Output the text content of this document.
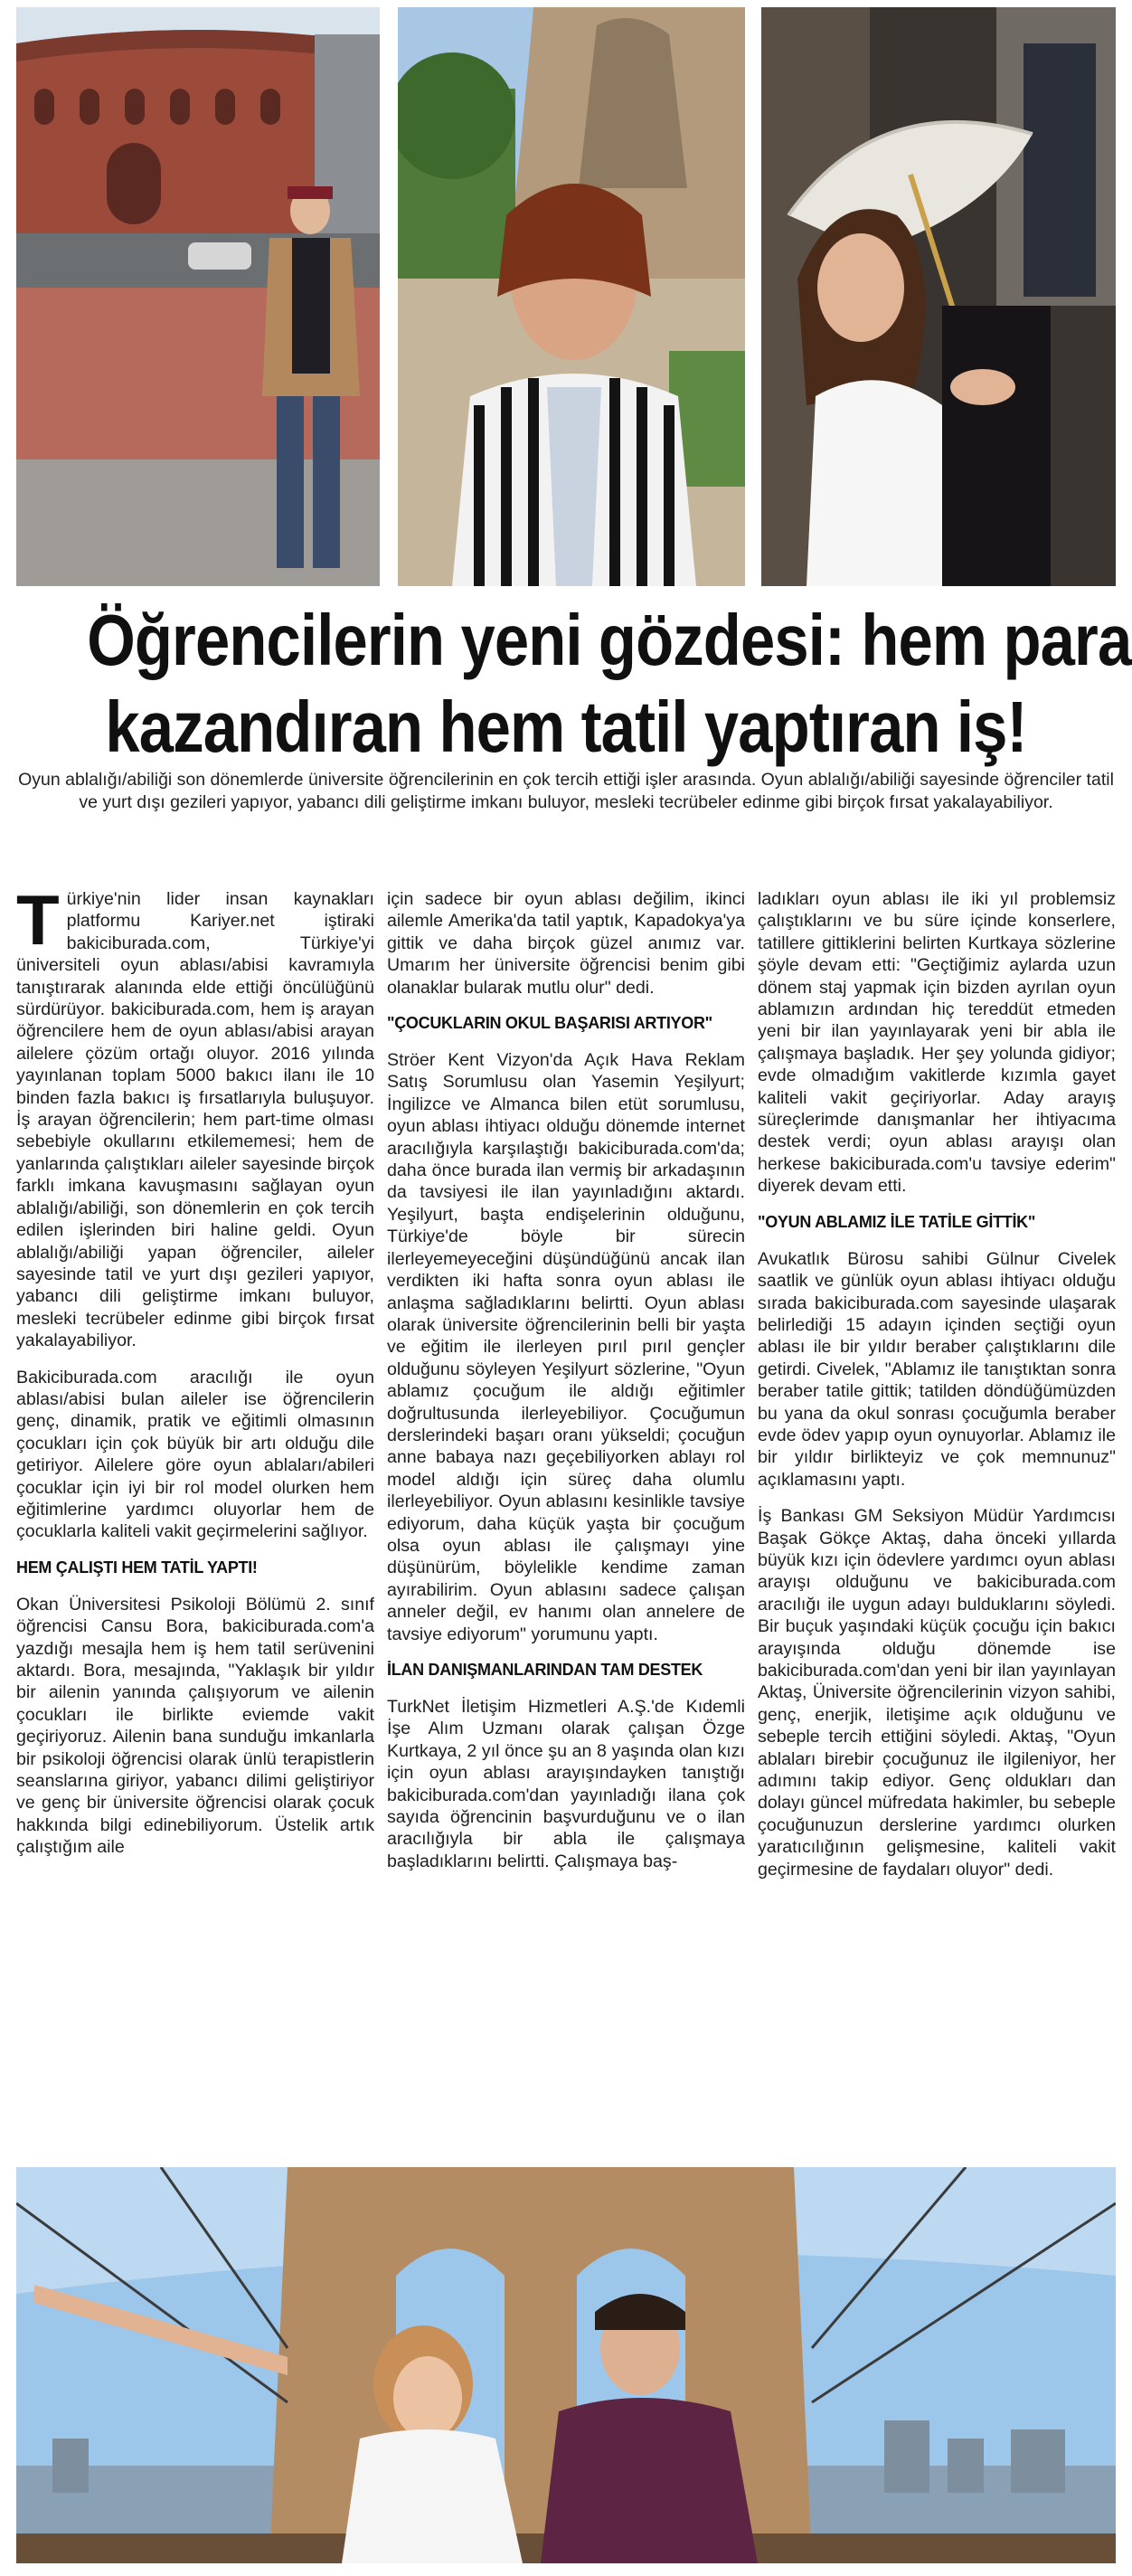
Öğrencilerin yeni gözdesi: hem para
kazandıran hem tatil yaptıran iş!
Oyun ablalığı/abiliği son dönemlerde üniversite öğrencilerinin en çok tercih ettiği işler arasında. Oyun ablalığı/abiliği sayesinde öğrenciler tatil ve yurt dışı gezileri yapıyor, yabancı dili geliştirme imkanı buluyor, mesleki tecrübeler edinme gibi birçok fırsat yakalayabiliyor.

Türkiye'nin lider insan kaynakları platformu Kariyer.net iştiraki bakiciburada.com, Türkiye'yi üniversiteli oyun ablası/abisi kavramıyla tanıştırarak alanında elde ettiği öncülüğünü sürdürüyor. bakiciburada.com, hem iş arayan öğrencilere hem de oyun ablası/abisi arayan ailelere çözüm ortağı oluyor. 2016 yılında yayınlanan toplam 5000 bakıcı ilanı ile 10 binden fazla bakıcı iş fırsatlarıyla buluşuyor. İş arayan öğrencilerin; hem part-time olması sebebiyle okullarını etkilememesi; hem de yanlarında çalıştıkları aileler sayesinde birçok farklı imkana kavuşmasını sağlayan oyun ablalığı/abiliği, son dönemlerin en çok tercih edilen işlerinden biri haline geldi. Oyun ablalığı/abiliği yapan öğrenciler, aileler sayesinde tatil ve yurt dışı gezileri yapıyor, yabancı dili geliştirme imkanı buluyor, mesleki tecrübeler edinme gibi birçok fırsat yakalayabiliyor.

Bakiciburada.com aracılığı ile oyun ablası/abisi bulan aileler ise öğrencilerin genç, dinamik, pratik ve eğitimli olmasının çocukları için çok büyük bir artı olduğu dile getiriyor. Ailelere göre oyun ablaları/abileri çocuklar için iyi bir rol model olurken hem eğitimlerine yardımcı oluyorlar hem de çocuklarla kaliteli vakit geçirmelerini sağlıyor.

HEM ÇALIŞTI HEM TATİL YAPTI!

Okan Üniversitesi Psikoloji Bölümü 2. sınıf öğrencisi Cansu Bora, bakiciburada.com'a yazdığı mesajla hem iş hem tatil serüvenini aktardı. Bora, mesajında, "Yaklaşık bir yıldır bir ailenin yanında çalışıyorum ve ailenin çocukları ile birlikte eviemde vakit geçiriyoruz. Ailenin bana sunduğu imkanlarla bir psikoloji öğrencisi olarak ünlü terapistlerin seanslarına giriyor, yabancı dilimi geliştiriyor ve genç bir üniversite öğrencisi olarak çocuk hakkında bilgi edinebiliyorum. Üstelik artık çalıştığım aile

için sadece bir oyun ablası değilim, ikinci ailemle Amerika'da tatil yaptık, Kapadokya'ya gittik ve daha birçok güzel anımız var. Umarım her üniversite öğrencisi benim gibi olanaklar bularak mutlu olur" dedi.

"ÇOCUKLARIN OKUL BAŞARISI ARTIYOR"

Ströer Kent Vizyon'da Açık Hava Reklam Satış Sorumlusu olan Yasemin Yeşilyurt; İngilizce ve Almanca bilen etüt sorumlusu, oyun ablası ihtiyacı olduğu dönemde internet aracılığıyla karşılaştığı bakiciburada.com'da; daha önce burada ilan vermiş bir arkadaşının da tavsiyesi ile ilan yayınladığını aktardı. Yeşilyurt, başta endişelerinin olduğunu, Türkiye'de böyle bir sürecin ilerleyemeyeceğini düşündüğünü ancak ilan verdikten iki hafta sonra oyun ablası ile anlaşma sağladıklarını belirtti. Oyun ablası olarak üniversite öğrencilerinin belli bir yaşta ve eğitim ile ilerleyen pırıl pırıl gençler olduğunu söyleyen Yeşilyurt sözlerine, "Oyun ablamız çocuğum ile aldığı eğitimler doğrultusunda ilerleyebiliyor. Çocuğumun derslerindeki başarı oranı yükseldi; çocuğun anne babaya nazı geçebiliyorken ablayı rol model aldığı için süreç daha olumlu ilerleyebiliyor. Oyun ablasını kesinlikle tavsiye ediyorum, daha küçük yaşta bir çocuğum olsa oyun ablası ile çalışmayı yine düşünürüm, böylelikle kendime zaman ayırabilirim. Oyun ablasını sadece çalışan anneler değil, ev hanımı olan annelere de tavsiye ediyorum" yorumunu yaptı.

İLAN DANIŞMANLARINDAN TAM DESTEK

TurkNet İletişim Hizmetleri A.Ş.'de Kıdemli İşe Alım Uzmanı olarak çalışan Özge Kurtkaya, 2 yıl önce şu an 8 yaşında olan kızı için oyun ablası arayışındayken tanıştığı bakiciburada.com'dan yayınladığı ilana çok sayıda öğrencinin başvurduğunu ve o ilan aracılığıyla bir abla ile çalışmaya başladıklarını belirtti. Çalışmaya baş-

ladıkları oyun ablası ile iki yıl problemsiz çalıştıklarını ve bu süre içinde konserlere, tatillere gittiklerini belirten Kurtkaya sözlerine şöyle devam etti: "Geçtiğimiz aylarda uzun dönem staj yapmak için bizden ayrılan oyun ablamızın ardından hiç tereddüt etmeden yeni bir ilan yayınlayarak yeni bir abla ile çalışmaya başladık. Her şey yolunda gidiyor; evde olmadığım vakitlerde kızımla gayet kaliteli vakit geçiriyorlar. Aday arayış süreçlerimde danışmanlar her ihtiyacıma destek verdi; oyun ablası arayışı olan herkese bakiciburada.com'u tavsiye ederim" diyerek devam etti.

"OYUN ABLAMIZ İLE TATİLE GİTTİK"

Avukatlık Bürosu sahibi Gülnur Civelek saatlik ve günlük oyun ablası ihtiyacı olduğu sırada bakiciburada.com sayesinde ulaşarak belirlediği 15 adayın içinden seçtiği oyun ablası ile bir yıldır beraber çalıştıklarını dile getirdi. Civelek, "Ablamız ile tanıştıktan sonra beraber tatile gittik; tatilden döndüğümüzden bu yana da okul sonrası çocuğumla beraber evde ödev yapıp oyun oynuyorlar. Ablamız ile bir yıldır birlikteyiz ve çok memnunuz" açıklamasını yaptı.

İş Bankası GM Seksiyon Müdür Yardımcısı Başak Gökçe Aktaş, daha önceki yıllarda büyük kızı için ödevlere yardımcı oyun ablası arayışı olduğunu ve bakiciburada.com aracılığı ile uygun adayı bulduklarını söyledi. Bir buçuk yaşındaki küçük çocuğu için bakıcı arayışında olduğu dönemde ise bakiciburada.com'dan yeni bir ilan yayınlayan Aktaş, Üniversite öğrencilerinin vizyon sahibi, genç, enerjik, iletişime açık olduğunu ve sebeple tercih ettiğini söyledi. Aktaş, "Oyun ablaları birebir çocuğunuz ile ilgileniyor, her adımını takip ediyor. Genç oldukları dan dolayı güncel müfredata hakimler, bu sebeple çocuğunuzun derslerine yardımcı olurken yaratıcılığının gelişmesine, kaliteli vakit geçirmesine de faydaları oluyor" dedi.
